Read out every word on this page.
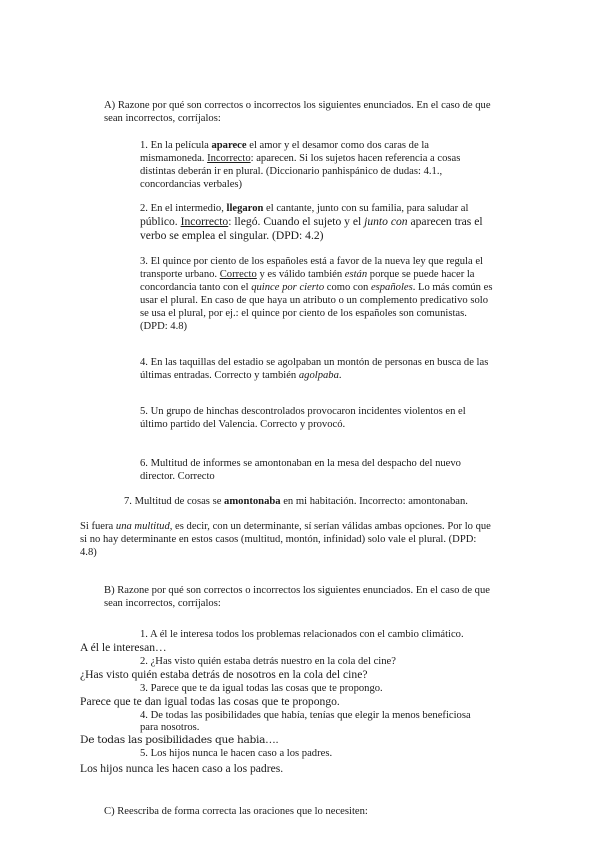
A) Razone por qué son correctos o incorrectos los siguientes enunciados. En el caso de que
sean incorrectos, corríjalos:
1. En la película aparece el amor y el desamor como dos caras de la
mismamoneda. Incorrecto: aparecen. Si los sujetos hacen referencia a cosas
distintas deberán ir en plural. (Diccionario panhispánico de dudas: 4.1.,
concordancias verbales)
2. En el intermedio, llegaron el cantante, junto con su familia, para saludar al
público. Incorrecto: llegó. Cuando el sujeto y el junto con aparecen tras el
verbo se emplea el singular. (DPD: 4.2)
3. El quince por ciento de los españoles está a favor de la nueva ley que regula el
transporte urbano. Correcto y es válido también están porque se puede hacer la
concordancia tanto con el quince por cierto como con españoles. Lo más común es
usar el plural. En caso de que haya un atributo o un complemento predicativo solo
se usa el plural, por ej.: el quince por ciento de los españoles son comunistas.
(DPD: 4.8)
4. En las taquillas del estadio se agolpaban un montón de personas en busca de las
últimas entradas. Correcto y también agolpaba.
5. Un grupo de hinchas descontrolados provocaron incidentes violentos en el
último partido del Valencia. Correcto y provocó.
6. Multitud de informes se amontonaban en la mesa del despacho del nuevo
director. Correcto
7. Multitud de cosas se amontonaba en mi habitación. Incorrecto: amontonaban.
Si fuera una multitud, es decir, con un determinante, sí serían válidas ambas opciones. Por lo que
si no hay determinante en estos casos (multitud, montón, infinidad) solo vale el plural. (DPD:
4.8)
B) Razone por qué son correctos o incorrectos los siguientes enunciados. En el caso de que
sean incorrectos, corríjalos:
1. A él le interesa todos los problemas relacionados con el cambio climático.
A él le interesan…
2. ¿Has visto quién estaba detrás nuestro en la cola del cine?
¿Has visto quién estaba detrás de nosotros en la cola del cine?
3. Parece que te da igual todas las cosas que te propongo.
Parece que te dan igual todas las cosas que te propongo.
4. De todas las posibilidades que había, tenías que elegir la menos beneficiosa
para nosotros.
De todas las posibilidades que habia….
5. Los hijos nunca le hacen caso a los padres.
Los hijos nunca les hacen caso a los padres.
C) Reescriba de forma correcta las oraciones que lo necesiten:
